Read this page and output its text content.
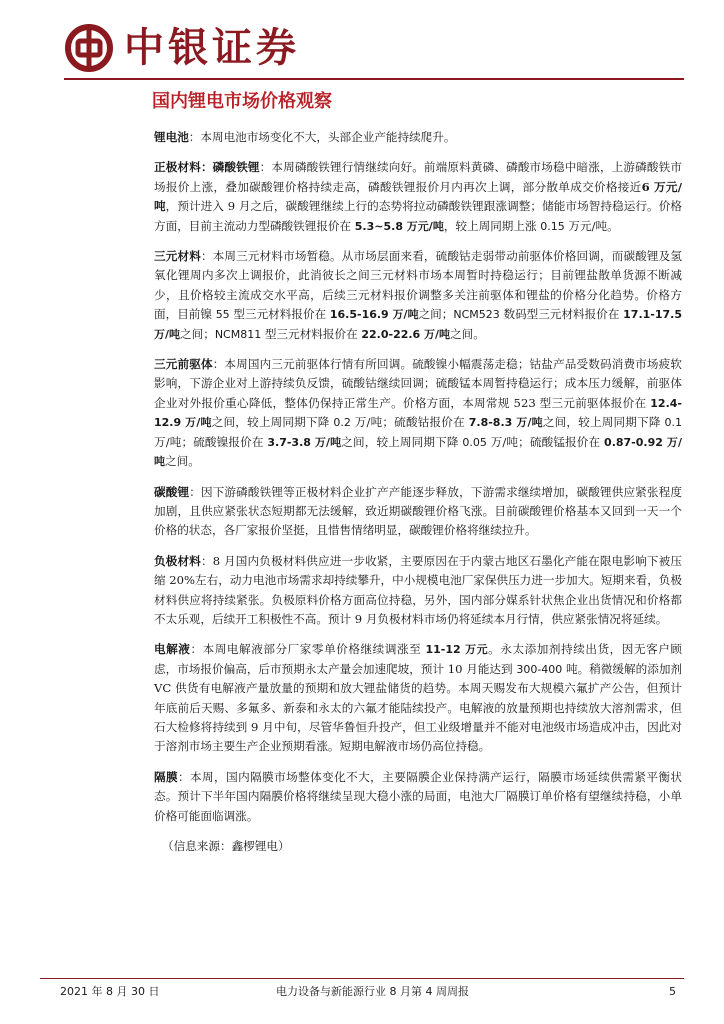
中银证券
国内锂电市场价格观察

锂电池：本周电池市场变化不大，头部企业产能持续爬升。

正极材料：磷酸铁锂：本周磷酸铁锂行情继续向好。前端原料黄磷、磷酸市场稳中暗涨，上游磷酸铁市场报价上涨，叠加碳酸锂价格持续走高，磷酸铁锂报价月内再次上调，部分散单成交价格接近6 万元/吨，预计进入 9 月之后，碳酸锂继续上行的态势将拉动磷酸铁锂跟涨调整；储能市场智持稳运行。价格方面，目前主流动力型磷酸铁锂报价在 5.3~5.8 万元/吨，较上周同期上涨 0.15 万元/吨。

三元材料：本周三元材料市场暂稳。从市场层面来看，硫酸钴走弱带动前驱体价格回调，而碳酸锂及氢氧化锂周内多次上调报价，此消彼长之间三元材料市场本周暂时持稳运行；目前锂盐散单货源不断减少，且价格较主流成交水平高，后续三元材料报价调整多关注前驱体和锂盐的价格分化趋势。价格方面，目前镍 55 型三元材料报价在 16.5-16.9 万/吨之间；NCM523 数码型三元材料报价在 17.1-17.5 万/吨之间；NCM811 型三元材料报价在 22.0-22.6 万/吨之间。

三元前驱体：本周国内三元前驱体行情有所回调。硫酸镍小幅震荡走稳；钴盐产品受数码消费市场疲软影响，下游企业对上游持续负反馈，硫酸钴继续回调；硫酸锰本周暂持稳运行；成本压力缓解，前驱体企业对外报价重心降低，整体仍保持正常生产。价格方面，本周常规 523 型三元前驱体报价在 12.4-12.9 万/吨之间，较上周同期下降 0.2 万/吨；硫酸钴报价在 7.8-8.3 万/吨之间，较上周同期下降 0.1 万/吨；硫酸镍报价在 3.7-3.8 万/吨之间，较上周同期下降 0.05 万/吨；硫酸锰报价在 0.87-0.92 万/吨之间。

碳酸锂：因下游磷酸铁锂等正极材料企业扩产产能逐步释放，下游需求继续增加，碳酸锂供应紧张程度加剧，且供应紧张状态短期都无法缓解，致近期碳酸锂价格飞涨。目前碳酸锂价格基本又回到一天一个价格的状态，各厂家报价坚挺，且惜售情绪明显，碳酸锂价格将继续拉升。

负极材料：8 月国内负极材料供应进一步收紧，主要原因在于内蒙古地区石墨化产能在限电影响下被压缩 20%左右，动力电池市场需求却持续攀升，中小规模电池厂家保供压力进一步加大。短期来看，负极材料供应将持续紧张。负极原料价格方面高位持稳，另外，国内部分媒系针状焦企业出货情况和价格都不太乐观，后续开工积极性不高。预计 9 月负极材料市场仍将延续本月行情，供应紧张情况将延续。

电解液：本周电解液部分厂家零单价格继续调涨至 11-12 万元。永太添加剂持续出货，因无客户顾虑，市场报价偏高，后市预期永太产量会加速爬坡，预计 10 月能达到 300-400 吨。稍微缓解的添加剂 VC 供货有电解液产量放量的预期和放大锂盐储货的趋势。本周天赐发布大规模六氟扩产公告，但预计年底前后天赐、多氟多、新泰和永太的六氟才能陆续投产。电解液的放量预期也持续放大溶剂需求，但石大检修将持续到 9 月中旬，尽管华鲁恒升投产，但工业级增量并不能对电池级市场造成冲击，因此对于溶剂市场主要生产企业预期看涨。短期电解液市场仍高位持稳。

隔膜：本周，国内隔膜市场整体变化不大，主要隔膜企业保持满产运行，隔膜市场延续供需紧平衡状态。预计下半年国内隔膜价格将继续呈现大稳小涨的局面，电池大厂隔膜订单价格有望继续持稳，小单价格可能面临调涨。

（信息来源：鑫椤锂电）
2021 年 8 月 30 日	电力设备与新能源行业 8 月第 4 周周报	5
